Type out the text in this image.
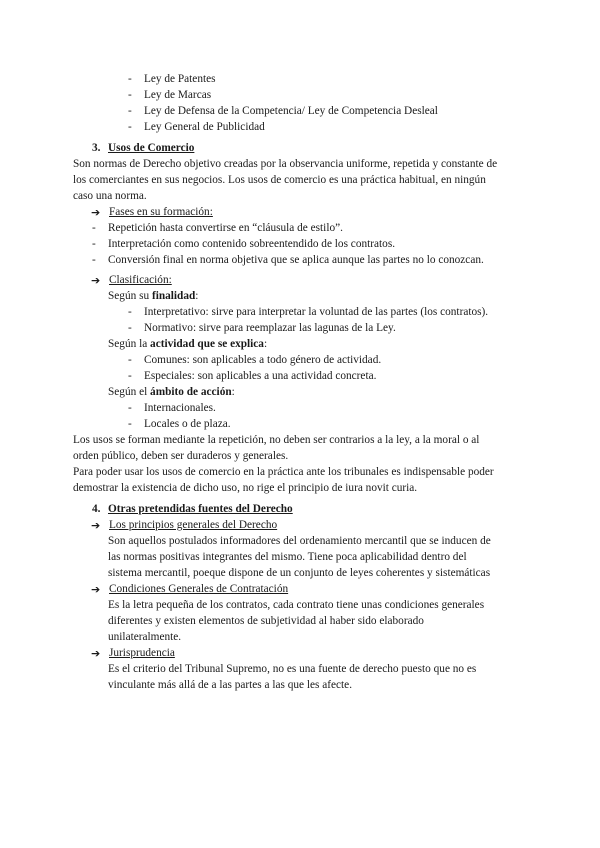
- Ley de Patentes
- Ley de Marcas
- Ley de Defensa de la Competencia/ Ley de Competencia Desleal
- Ley General de Publicidad
3. Usos de Comercio
Son normas de Derecho objetivo creadas por la observancia uniforme, repetida y constante de
los comerciantes en sus negocios. Los usos de comercio es una práctica habitual, en ningún
caso una norma.
➔ Fases en su formación:
- Repetición hasta convertirse en “cláusula de estilo”.
- Interpretación como contenido sobreentendido de los contratos.
- Conversión final en norma objetiva que se aplica aunque las partes no lo conozcan.
➔ Clasificación:
Según su finalidad:
- Interpretativo: sirve para interpretar la voluntad de las partes (los contratos).
- Normativo: sirve para reemplazar las lagunas de la Ley.
Según la actividad que se explica:
- Comunes: son aplicables a todo género de actividad.
- Especiales: son aplicables a una actividad concreta.
Según el ámbito de acción:
- Internacionales.
- Locales o de plaza.
Los usos se forman mediante la repetición, no deben ser contrarios a la ley, a la moral o al
orden público, deben ser duraderos y generales.
Para poder usar los usos de comercio en la práctica ante los tribunales es indispensable poder
demostrar la existencia de dicho uso, no rige el principio de iura novit curia.
4. Otras pretendidas fuentes del Derecho
➔ Los principios generales del Derecho
Son aquellos postulados informadores del ordenamiento mercantil que se inducen de
las normas positivas integrantes del mismo. Tiene poca aplicabilidad dentro del
sistema mercantil, poeque dispone de un conjunto de leyes coherentes y sistemáticas
➔ Condiciones Generales de Contratación
Es la letra pequeña de los contratos, cada contrato tiene unas condiciones generales
diferentes y existen elementos de subjetividad al haber sido elaborado
unilateralmente.
➔ Jurisprudencia
Es el criterio del Tribunal Supremo, no es una fuente de derecho puesto que no es
vinculante más allá de a las partes a las que les afecte.
